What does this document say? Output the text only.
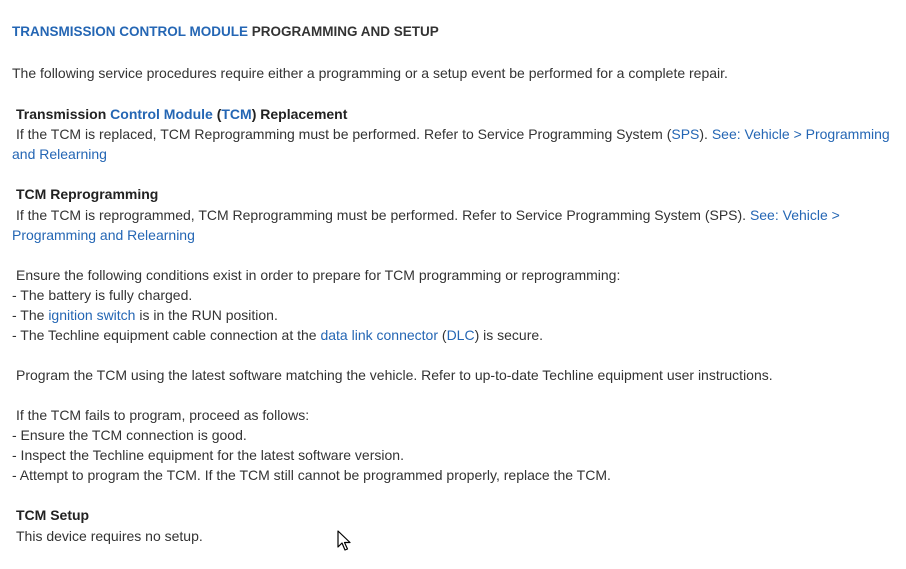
TRANSMISSION CONTROL MODULE PROGRAMMING AND SETUP
The following service procedures require either a programming or a setup event be performed for a complete repair.
Transmission Control Module (TCM) Replacement
If the TCM is replaced, TCM Reprogramming must be performed. Refer to Service Programming System (SPS). See: Vehicle > Programming and Relearning
TCM Reprogramming
If the TCM is reprogrammed, TCM Reprogramming must be performed. Refer to Service Programming System (SPS). See: Vehicle > Programming and Relearning
Ensure the following conditions exist in order to prepare for TCM programming or reprogramming:
- The battery is fully charged.
- The ignition switch is in the RUN position.
- The Techline equipment cable connection at the data link connector (DLC) is secure.
Program the TCM using the latest software matching the vehicle. Refer to up-to-date Techline equipment user instructions.
If the TCM fails to program, proceed as follows:
- Ensure the TCM connection is good.
- Inspect the Techline equipment for the latest software version.
- Attempt to program the TCM. If the TCM still cannot be programmed properly, replace the TCM.
TCM Setup
This device requires no setup.
